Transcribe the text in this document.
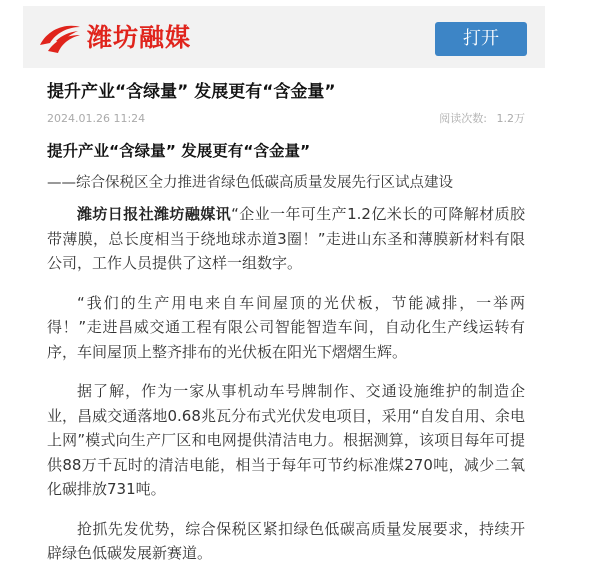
潍坊融媒	打开
提升产业“含绿量” 发展更有“含金量”
2024.01.26 11:24	阅读次数: 1.2万
提升产业“含绿量” 发展更有“含金量”
——综合保税区全力推进省绿色低碳高质量发展先行区试点建设

潍坊日报社潍坊融媒讯“企业一年可生产1.2亿米长的可降解材质胶带薄膜，总长度相当于绕地球赤道3圈！”走进山东圣和薄膜新材料有限公司，工作人员提供了这样一组数字。

“我们的生产用电来自车间屋顶的光伏板，节能减排，一举两得！”走进昌威交通工程有限公司智能智造车间，自动化生产线运转有序，车间屋顶上整齐排布的光伏板在阳光下熠熠生辉。

据了解，作为一家从事机动车号牌制作、交通设施维护的制造企业，昌威交通落地0.68兆瓦分布式光伏发电项目，采用“自发自用、余电上网”模式向生产厂区和电网提供清洁电力。根据测算，该项目每年可提供88万千瓦时的清洁电能，相当于每年可节约标准煤270吨，减少二氧化碳排放731吨。

抢抓先发优势，综合保税区紧扣绿色低碳高质量发展要求，持续开辟绿色低碳发展新赛道。
